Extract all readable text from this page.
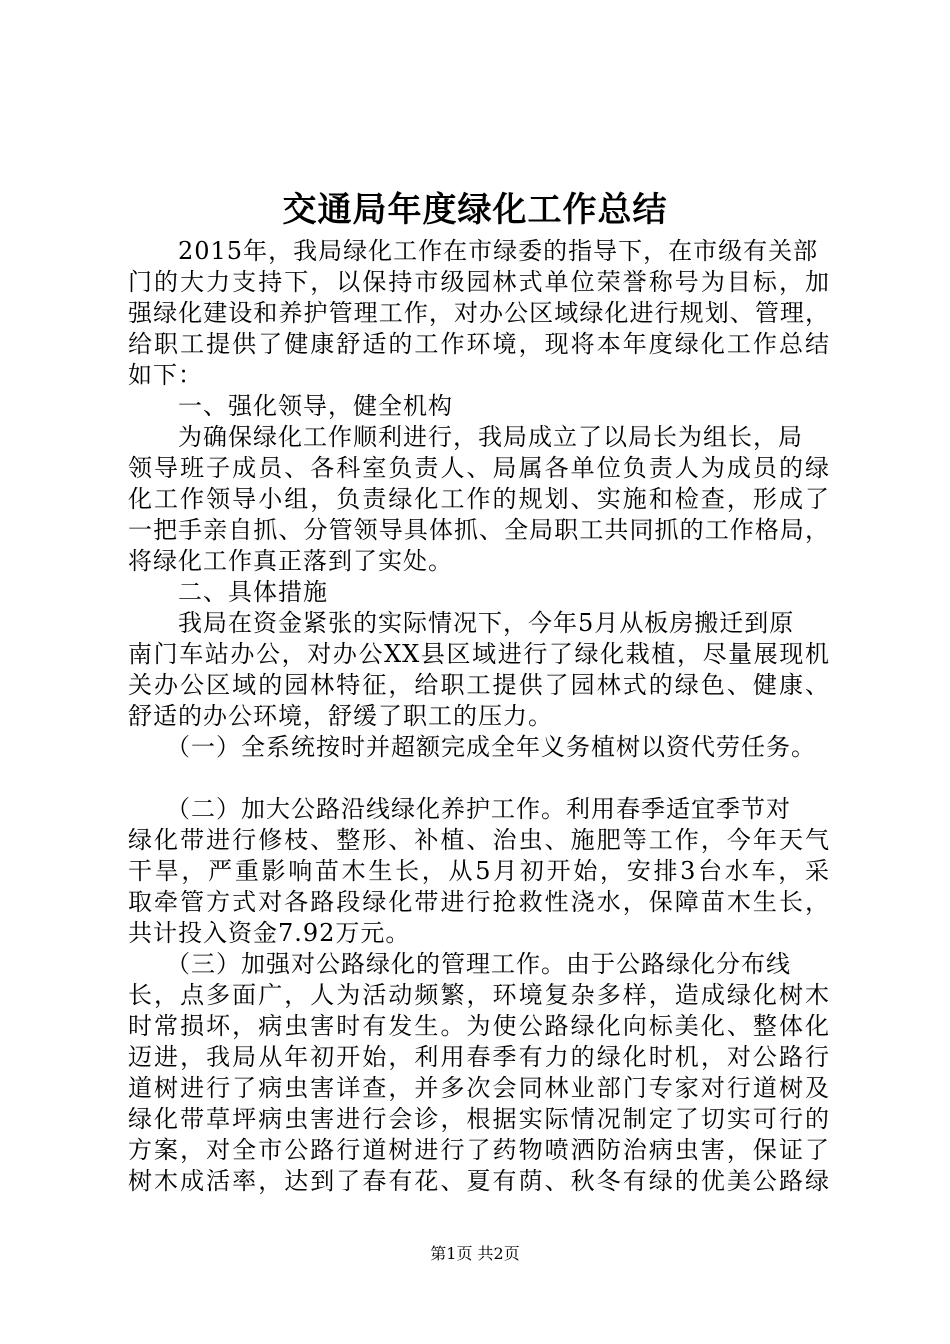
交通局年度绿化工作总结
　　2015年，我局绿化工作在市绿委的指导下，在市级有关部
门的大力支持下，以保持市级园林式单位荣誉称号为目标，加
强绿化建设和养护管理工作，对办公区域绿化进行规划、管理，
给职工提供了健康舒适的工作环境，现将本年度绿化工作总结
如下：
　　一、强化领导，健全机构
　　为确保绿化工作顺利进行，我局成立了以局长为组长，局
领导班子成员、各科室负责人、局属各单位负责人为成员的绿
化工作领导小组，负责绿化工作的规划、实施和检查，形成了
一把手亲自抓、分管领导具体抓、全局职工共同抓的工作格局，
将绿化工作真正落到了实处。
　　二、具体措施
　　我局在资金紧张的实际情况下，今年5月从板房搬迁到原
南门车站办公，对办公XX县区域进行了绿化栽植，尽量展现机
关办公区域的园林特征，给职工提供了园林式的绿色、健康、
舒适的办公环境，舒缓了职工的压力。
　　（一）全系统按时并超额完成全年义务植树以资代劳任务。
　　（二）加大公路沿线绿化养护工作。利用春季适宜季节对
绿化带进行修枝、整形、补植、治虫、施肥等工作，今年天气
干旱，严重影响苗木生长，从5月初开始，安排3台水车，采
取牵管方式对各路段绿化带进行抢救性浇水，保障苗木生长，
共计投入资金7.92万元。
　　（三）加强对公路绿化的管理工作。由于公路绿化分布线
长，点多面广，人为活动频繁，环境复杂多样，造成绿化树木
时常损坏，病虫害时有发生。为使公路绿化向标美化、整体化
迈进，我局从年初开始，利用春季有力的绿化时机，对公路行
道树进行了病虫害详查，并多次会同林业部门专家对行道树及
绿化带草坪病虫害进行会诊，根据实际情况制定了切实可行的
方案，对全市公路行道树进行了药物喷洒防治病虫害，保证了
树木成活率，达到了春有花、夏有荫、秋冬有绿的优美公路绿
第1页 共2页
